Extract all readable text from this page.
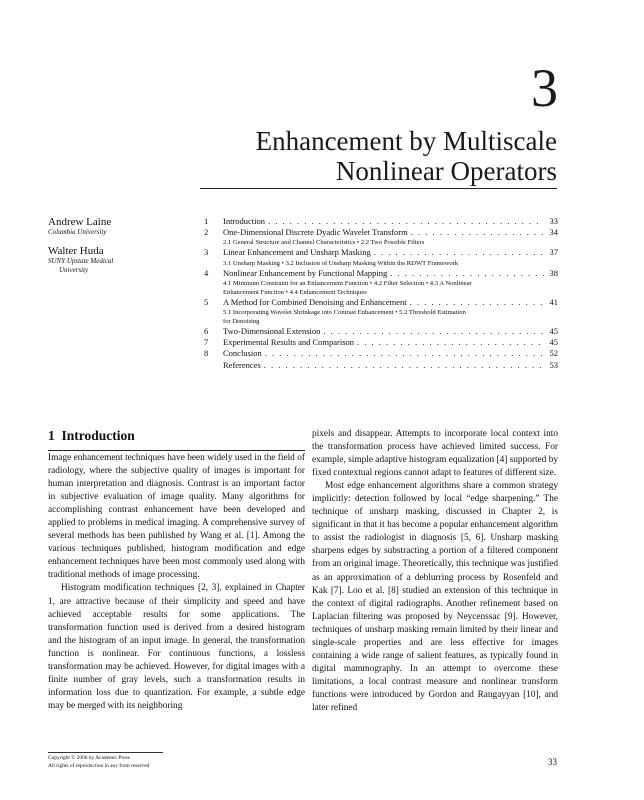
3
Enhancement by Multiscale
Nonlinear Operators
Andrew Laine
Columbia University
Walter Huda
SUNY Upstate Medical
University
1	Introduction . . .	33
2	One-Dimensional Discrete Dyadic Wavelet Transform . . .	34
2.1 General Structure and Channel Characteristics • 2.2 Two Possible Filters
3	Linear Enhancement and Unsharp Masking . . .	37
3.1 Unsharp Masking • 3.2 Inclusion of Unsharp Masking Within the RDWT Framework
4	Nonlinear Enhancement by Functional Mapping . . .	38
4.1 Minimum Constraint for an Enhancement Function • 4.2 Filter Selection • 4.3 A Nonlinear
Enhancement Function • 4.4 Enhancement Techniques
5	A Method for Combined Denoising and Enhancement . . .	41
5.1 Incorporating Wavelet Shrinkage into Contrast Enhancement • 5.2 Threshold Estimation
for Denoising
6	Two-Dimensional Extension . . .	45
7	Experimental Results and Comparison . . .	45
8	Conclusion . . .	52
References . . .	53
1 Introduction

Image enhancement techniques have been widely used in the field of radiology, where the subjective quality of images is important for human interpretation and diagnosis. Contrast is an important factor in subjective evaluation of image quality. Many algorithms for accomplishing contrast enhancement have been developed and applied to problems in medical imaging. A comprehensive survey of several methods has been published by Wang et al. [1]. Among the various techniques published, histogram modification and edge enhancement techniques have been most commonly used along with traditional methods of image processing.

Histogram modification techniques [2, 3], explained in Chapter 1, are attractive because of their simplicity and speed and have achieved acceptable results for some applications. The transformation function used is derived from a desired histogram and the histogram of an input image. In general, the transformation function is nonlinear. For continuous functions, a lossless transformation may be achieved. However, for digital images with a finite number of gray levels, such a transformation results in information loss due to quantization. For example, a subtle edge may be merged with its neighboring

pixels and disappear. Attempts to incorporate local context into the transformation process have achieved limited success. For example, simple adaptive histogram equalization [4] supported by fixed contextual regions cannot adapt to features of different size.

Most edge enhancement algorithms share a common strategy implicitly: detection followed by local “edge sharpening.” The technique of unsharp masking, discussed in Chapter 2, is significant in that it has become a popular enhancement algorithm to assist the radiologist in diagnosis [5, 6]. Unsharp masking sharpens edges by substracting a portion of a filtered component from an original image. Theoretically, this technique was justified as an approximation of a deblurring process by Rosenfeld and Kak [7]. Loo et al. [8] studied an extension of this technique in the context of digital radiographs. Another refinement based on Laplacian filtering was proposed by Neycenssac [9]. However, techniques of unsharp masking remain limited by their linear and single-scale properties and are less effective for images containing a wide range of salient features, as typically found in digital mammography. In an attempt to overcome these limitations, a local contrast measure and nonlinear transform functions were introduced by Gordon and Rangayyan [10], and later refined

Copyright © 2000 by Academic Press
All rights of reproduction in any form reserved	33
